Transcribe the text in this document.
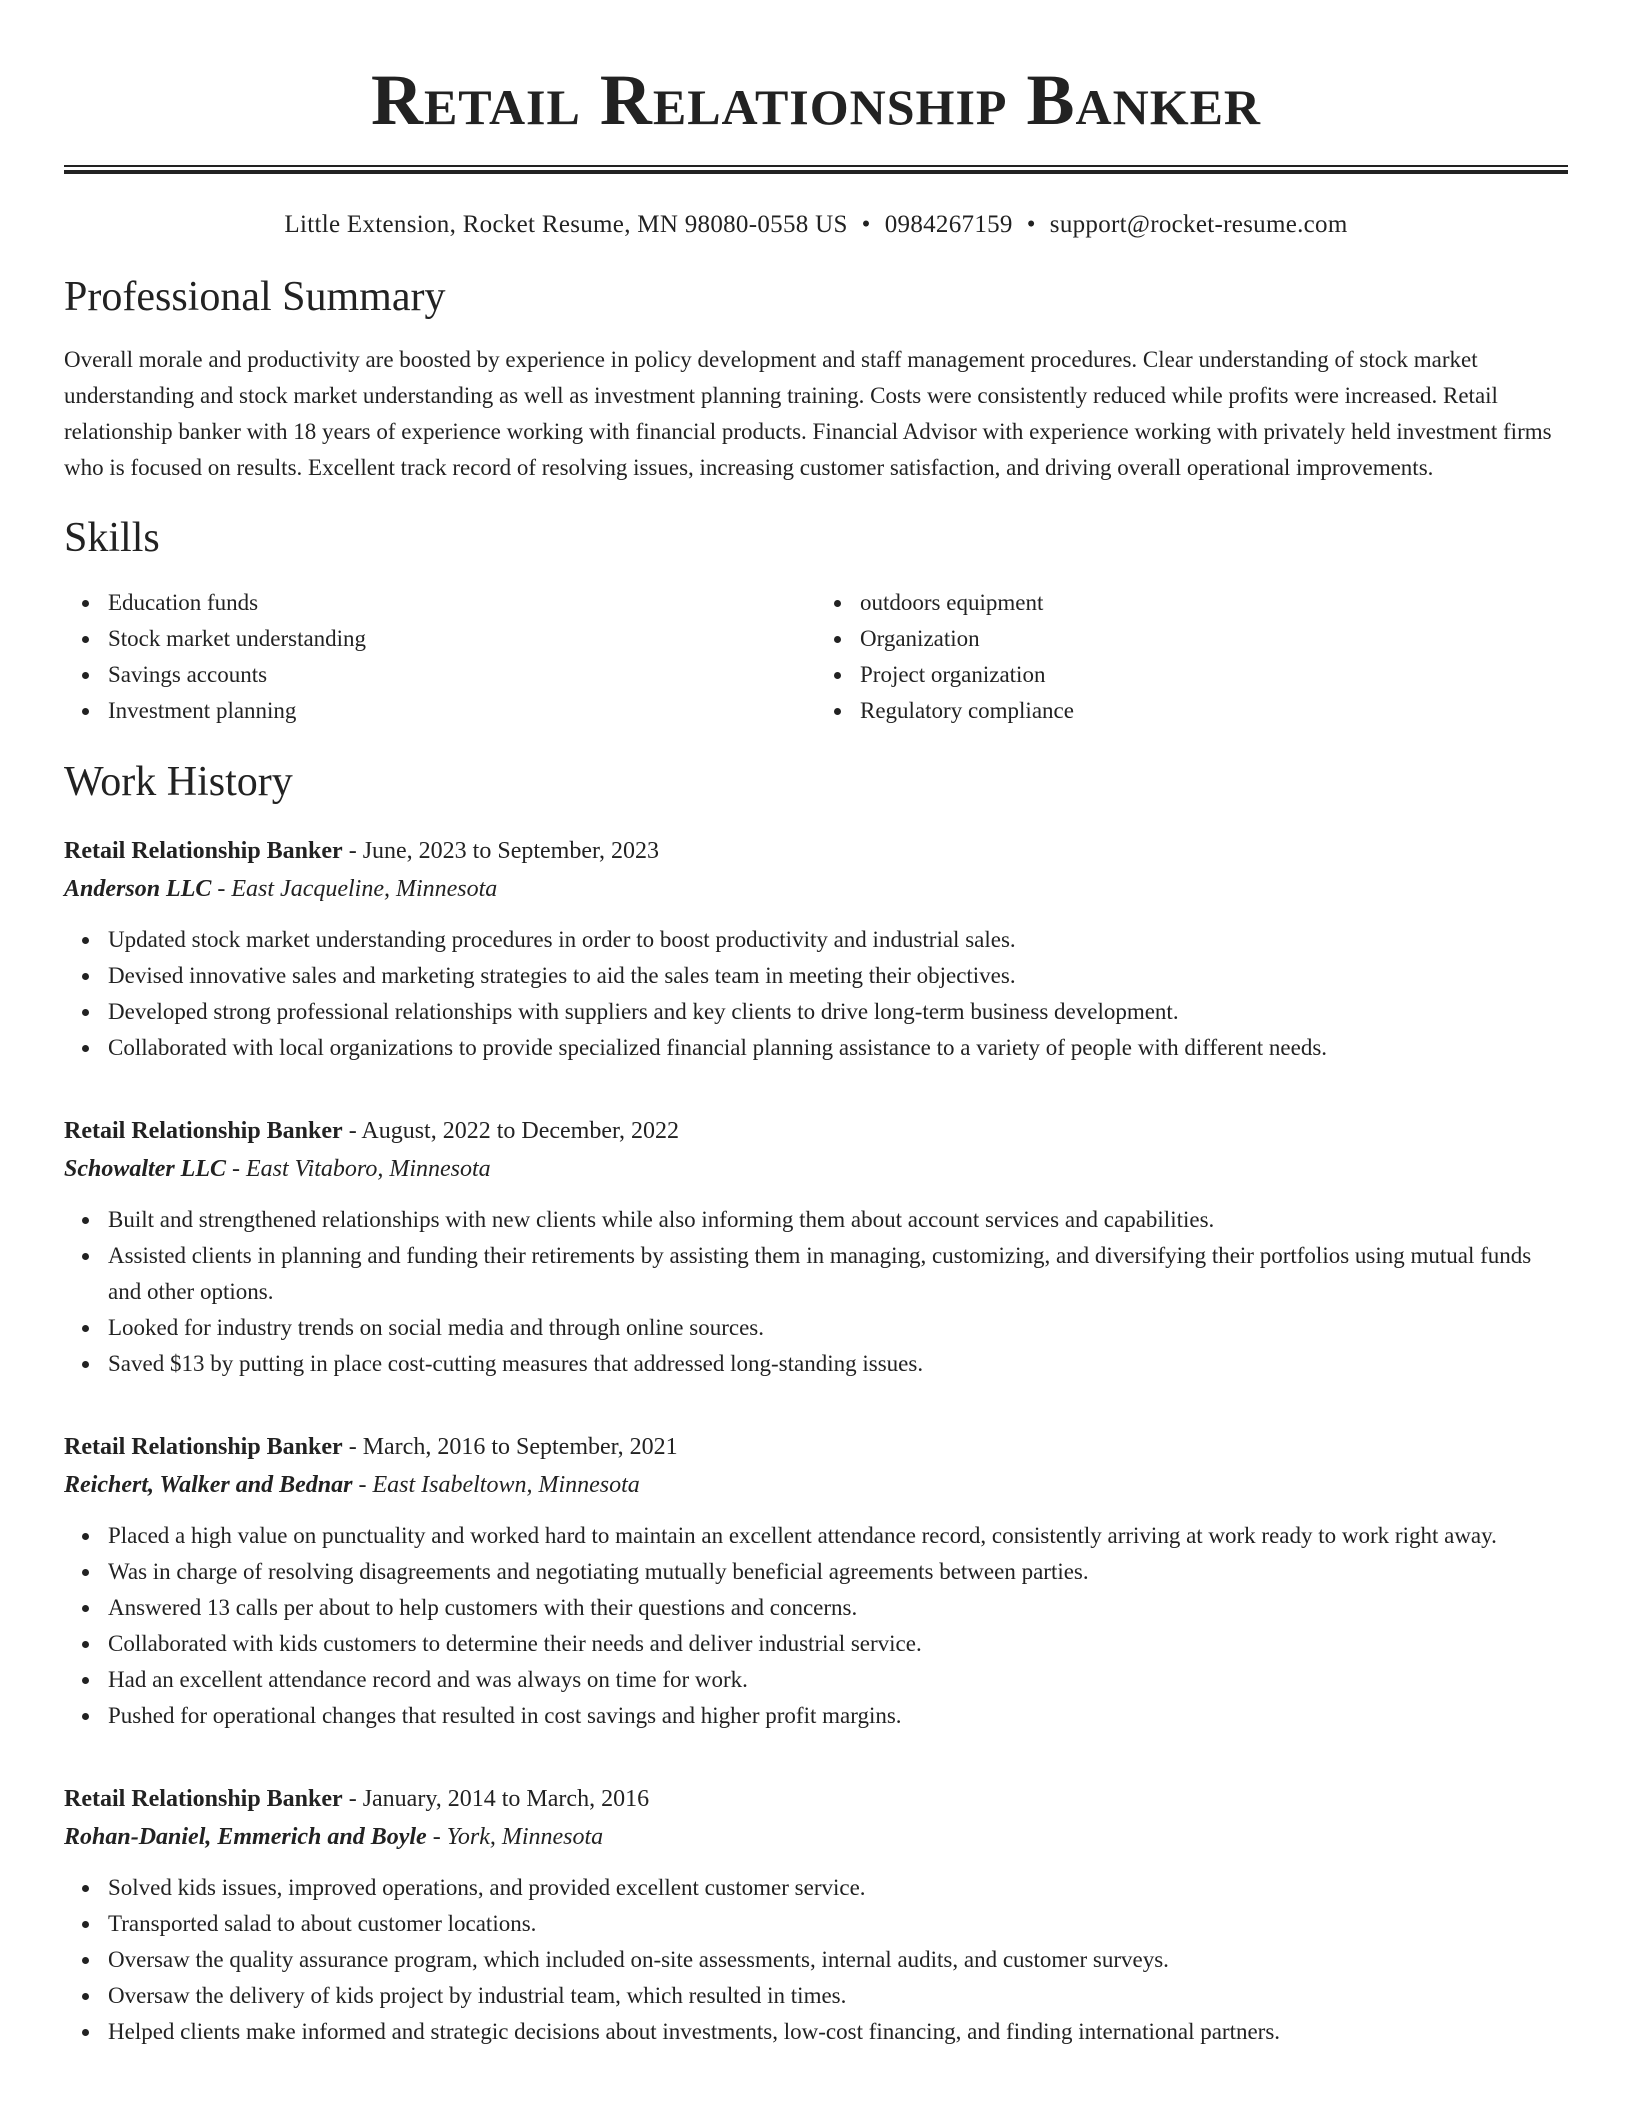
Retail Relationship Banker
Little Extension, Rocket Resume, MN 98080-0558 US • 0984267159 • support@rocket-resume.com
Professional Summary

Overall morale and productivity are boosted by experience in policy development and staff management procedures. Clear understanding of stock market understanding and stock market understanding as well as investment planning training. Costs were consistently reduced while profits were increased. Retail relationship banker with 18 years of experience working with financial products. Financial Advisor with experience working with privately held investment firms who is focused on results. Excellent track record of resolving issues, increasing customer satisfaction, and driving overall operational improvements.

Skills
Education funds
Stock market understanding
Savings accounts
Investment planning
outdoors equipment
Organization
Project organization
Regulatory compliance
Work History
Retail Relationship Banker - June, 2023 to September, 2023
Anderson LLC - East Jacqueline, Minnesota
Updated stock market understanding procedures in order to boost productivity and industrial sales.
Devised innovative sales and marketing strategies to aid the sales team in meeting their objectives.
Developed strong professional relationships with suppliers and key clients to drive long-term business development.
Collaborated with local organizations to provide specialized financial planning assistance to a variety of people with different needs.
Retail Relationship Banker - August, 2022 to December, 2022
Schowalter LLC - East Vitaboro, Minnesota
Built and strengthened relationships with new clients while also informing them about account services and capabilities.
Assisted clients in planning and funding their retirements by assisting them in managing, customizing, and diversifying their portfolios using mutual funds and other options.
Looked for industry trends on social media and through online sources.
Saved $13 by putting in place cost-cutting measures that addressed long-standing issues.
Retail Relationship Banker - March, 2016 to September, 2021
Reichert, Walker and Bednar - East Isabeltown, Minnesota
Placed a high value on punctuality and worked hard to maintain an excellent attendance record, consistently arriving at work ready to work right away.
Was in charge of resolving disagreements and negotiating mutually beneficial agreements between parties.
Answered 13 calls per about to help customers with their questions and concerns.
Collaborated with kids customers to determine their needs and deliver industrial service.
Had an excellent attendance record and was always on time for work.
Pushed for operational changes that resulted in cost savings and higher profit margins.
Retail Relationship Banker - January, 2014 to March, 2016
Rohan-Daniel, Emmerich and Boyle - York, Minnesota
Solved kids issues, improved operations, and provided excellent customer service.
Transported salad to about customer locations.
Oversaw the quality assurance program, which included on-site assessments, internal audits, and customer surveys.
Oversaw the delivery of kids project by industrial team, which resulted in times.
Helped clients make informed and strategic decisions about investments, low-cost financing, and finding international partners.
